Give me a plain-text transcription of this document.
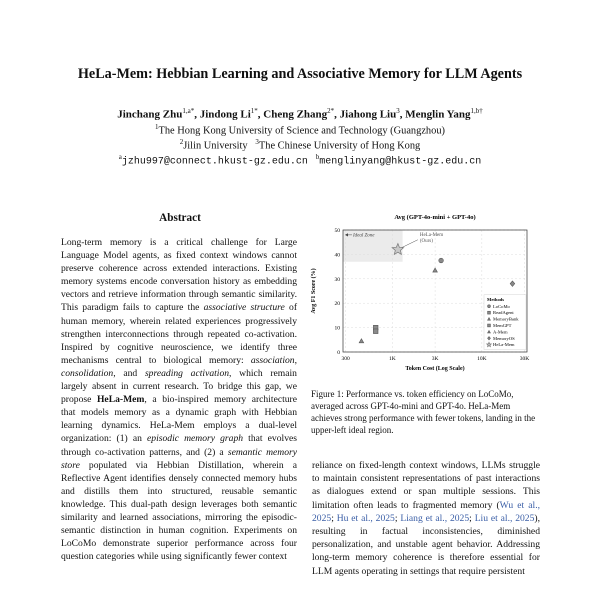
HeLa-Mem: Hebbian Learning and Associative Memory for LLM Agents
Jinchang Zhu$^{1,a*}$, Jindong $Li^{1*}$, Cheng Zhang$^{2*}$, Jiahong Liu$^3$, Menglin Yang$^{1,b\dagger}$
$^1$The Hong Kong University of Science and Technology (Guangzhou)
$^2$Jilin University $^3$The Chinese University of Hong Kong
$^a$jzhu997@connect.hkust-gz.edu.cn $^b$menglinyang@hkust-gz.edu.cn
Abstract

Long-term memory is a critical challenge for Large Language Model agents, as fixed context windows cannot preserve coherence across extended interactions. Existing memory systems encode conversation history as embedding vectors and retrieve information through semantic similarity. This paradigm fails to capture the associative structure of human memory, wherein related experiences progressively strengthen interconnections through repeated co-activation. Inspired by cognitive neuroscience, we identify three mechanisms central to biological memory: association, consolidation, and spreading activation, which remain largely absent in current research. To bridge this gap, we propose HeLa-Mem, a bio-inspired memory architecture that models memory as a dynamic graph with Hebbian learning dynamics. HeLa-Mem employs a dual-level organization: (1) an episodic memory graph that evolves through co-activation patterns, and (2) a semantic memory store populated via Hebbian Distillation, wherein a Reflective Agent identifies densely connected memory hubs and distills them into structured, reusable semantic knowledge. This dual-path design leverages both semantic similarity and learned associations, mirroring the episodic-semantic distinction in human cognition. Experiments on LoCoMo demonstrate superior performance across four question categories while using significantly fewer context

0
10
20
30
40
50
300	1K	3K	10K	30K
Avg (GPT-4o-mini + GPT-4o)
Token Cost (Log Scale)
Avg F1 Score (%)
Ideal Zone	HeLa-Mem
(Ours)
Methods
LoCoMo
ReadAgent
MemoryBank
MemGPT
A-Mem
MemoryOS
HeLa-Mem
Figure 1: Performance vs. token efficiency on LoCoMo, averaged across GPT-4o-mini and GPT-4o. HeLa-Mem achieves strong performance with fewer tokens, landing in the upper-left ideal region.

reliance on fixed-length context windows, LLMs struggle to maintain consistent representations of past interactions as dialogues extend or span multiple sessions. This limitation often leads to fragmented memory (Wu et al., 2025; Hu et al., 2025; Liang et al., 2025; Liu et al., 2025), resulting in factual inconsistencies, diminished personalization, and unstable agent behavior. Addressing long-term memory coherence is therefore essential for LLM agents operating in settings that require persistent
